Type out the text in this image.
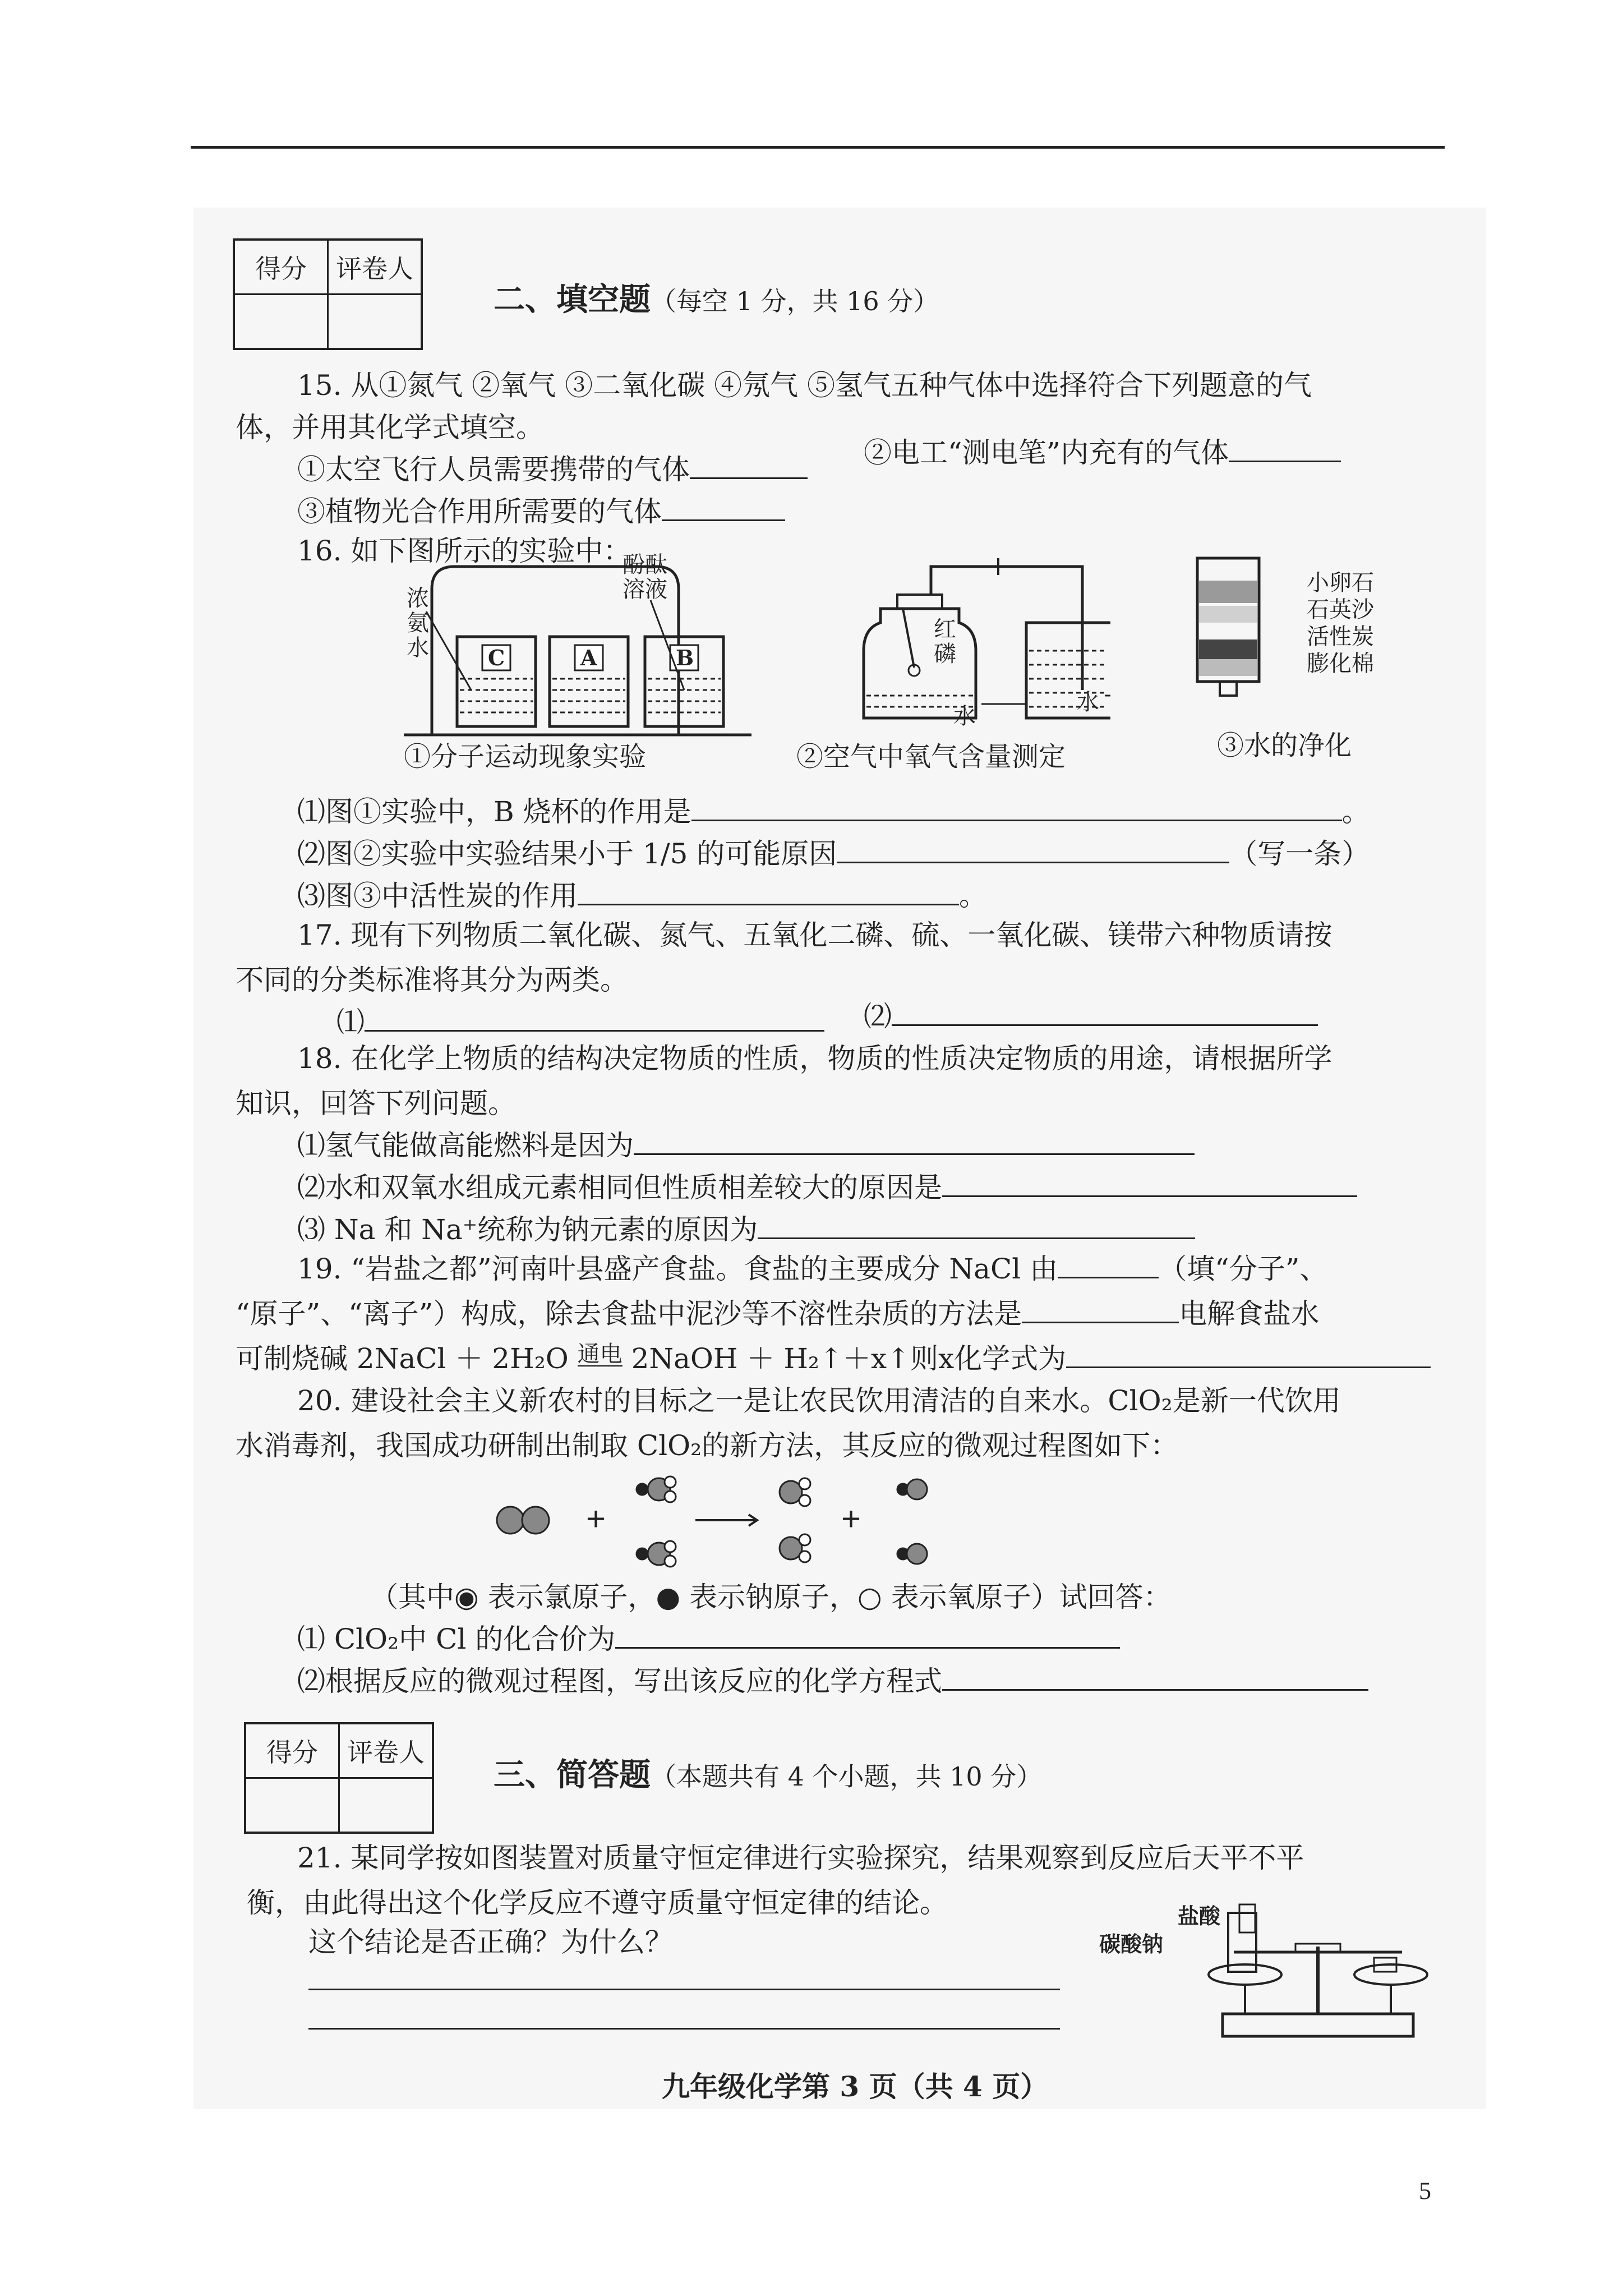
得分	评卷人

二、填空题（每空 1 分，共 16 分）
15. 从①氮气 ②氧气 ③二氧化碳 ④氖气 ⑤氢气五种气体中选择符合下列题意的气
体，并用其化学式填空。
①太空飞行人员需要携带的气体
②电工“测电笔”内充有的气体
③植物光合作用所需要的气体
16. 如下图所示的实验中：
C	A	B
浓
氨
水
酚酞
溶液
①分子运动现象实验
红
磷
水
水
②空气中氧气含量测定
小卵石
石英沙
活性炭
膨化棉
③水的净化
⑴图①实验中，B 烧杯的作用是	。
⑵图②实验中实验结果小于 1/5 的可能原因	（写一条）
⑶图③中活性炭的作用	。
17. 现有下列物质二氧化碳、氮气、五氧化二磷、硫、一氧化碳、镁带六种物质请按
不同的分类标准将其分为两类。
⑴	⑵
18. 在化学上物质的结构决定物质的性质，物质的性质决定物质的用途，请根据所学
知识，回答下列问题。
⑴氢气能做高能燃料是因为
⑵水和双氧水组成元素相同但性质相差较大的原因是
⑶ Na 和 Na⁺统称为钠元素的原因为
19. “岩盐之都”河南叶县盛产食盐。食盐的主要成分 NaCl 由	（填“分子”、
“原子”、“离子”）构成，除去食盐中泥沙等不溶性杂质的方法是	电解食盐水
可制烧碱 2NaCl ＋ 2H₂O 通电 2NaOH ＋ H₂↑＋x↑则x化学式为
20. 建设社会主义新农村的目标之一是让农民饮用清洁的自来水。ClO₂是新一代饮用
水消毒剂，我国成功研制出制取 ClO₂的新方法，其反应的微观过程图如下：
+	+
（其中◉ 表示氯原子，● 表示钠原子，○ 表示氧原子）试回答：
⑴ ClO₂中 Cl 的化合价为
⑵根据反应的微观过程图，写出该反应的化学方程式
得分	评卷人

三、简答题（本题共有 4 个小题，共 10 分）
21. 某同学按如图装置对质量守恒定律进行实验探究，结果观察到反应后天平不平
衡，由此得出这个化学反应不遵守质量守恒定律的结论。
这个结论是否正确？为什么？
盐酸
碳酸钠
九年级化学第 3 页（共 4 页）
5
